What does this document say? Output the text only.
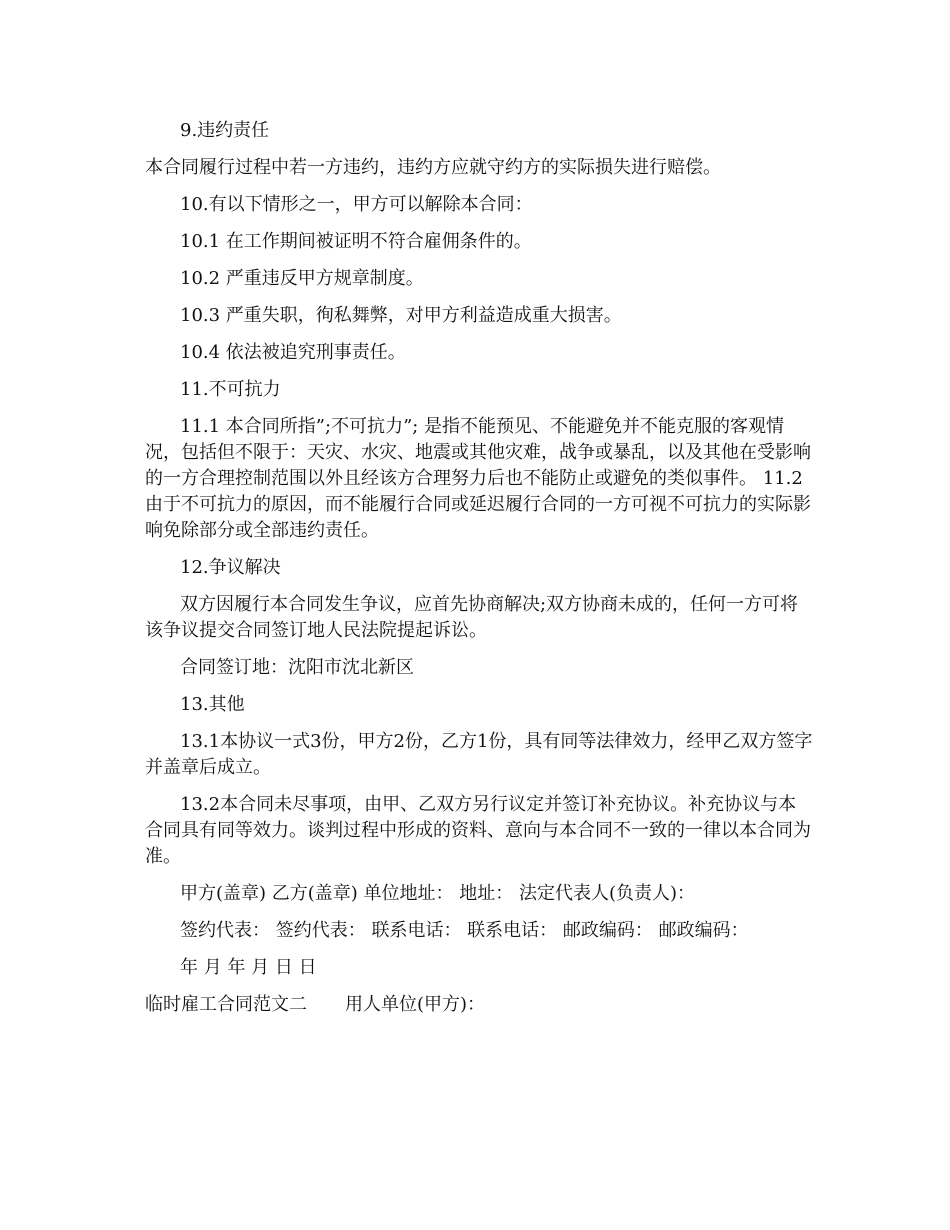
9.违约责任

本合同履行过程中若一方违约，违约方应就守约方的实际损失进行赔偿。

10.有以下情形之一，甲方可以解除本合同：

10.1 在工作期间被证明不符合雇佣条件的。

10.2 严重违反甲方规章制度。

10.3 严重失职，徇私舞弊，对甲方利益造成重大损害。

10.4 依法被追究刑事责任。

11.不可抗力

11.1 本合同所指”;不可抗力”; 是指不能预见、不能避免并不能克服的客观情况，包括但不限于：天灾、水灾、地震或其他灾难，战争或暴乱，以及其他在受影响的一方合理控制范围以外且经该方合理努力后也不能防止或避免的类似事件。 11.2 由于不可抗力的原因，而不能履行合同或延迟履行合同的一方可视不可抗力的实际影响免除部分或全部违约责任。

12.争议解决

双方因履行本合同发生争议，应首先协商解决;双方协商未成的，任何一方可将该争议提交合同签订地人民法院提起诉讼。

合同签订地：沈阳市沈北新区

13.其他

13.1本协议一式3份，甲方2份，乙方1份，具有同等法律效力，经甲乙双方签字并盖章后成立。

13.2本合同未尽事项，由甲、乙双方另行议定并签订补充协议。补充协议与本合同具有同等效力。谈判过程中形成的资料、意向与本合同不一致的一律以本合同为准。

甲方(盖章) 乙方(盖章) 单位地址： 地址： 法定代表人(负责人)：

签约代表： 签约代表： 联系电话： 联系电话： 邮政编码： 邮政编码：

年 月 年 月 日 日

临时雇工合同范文二 用人单位(甲方)：
